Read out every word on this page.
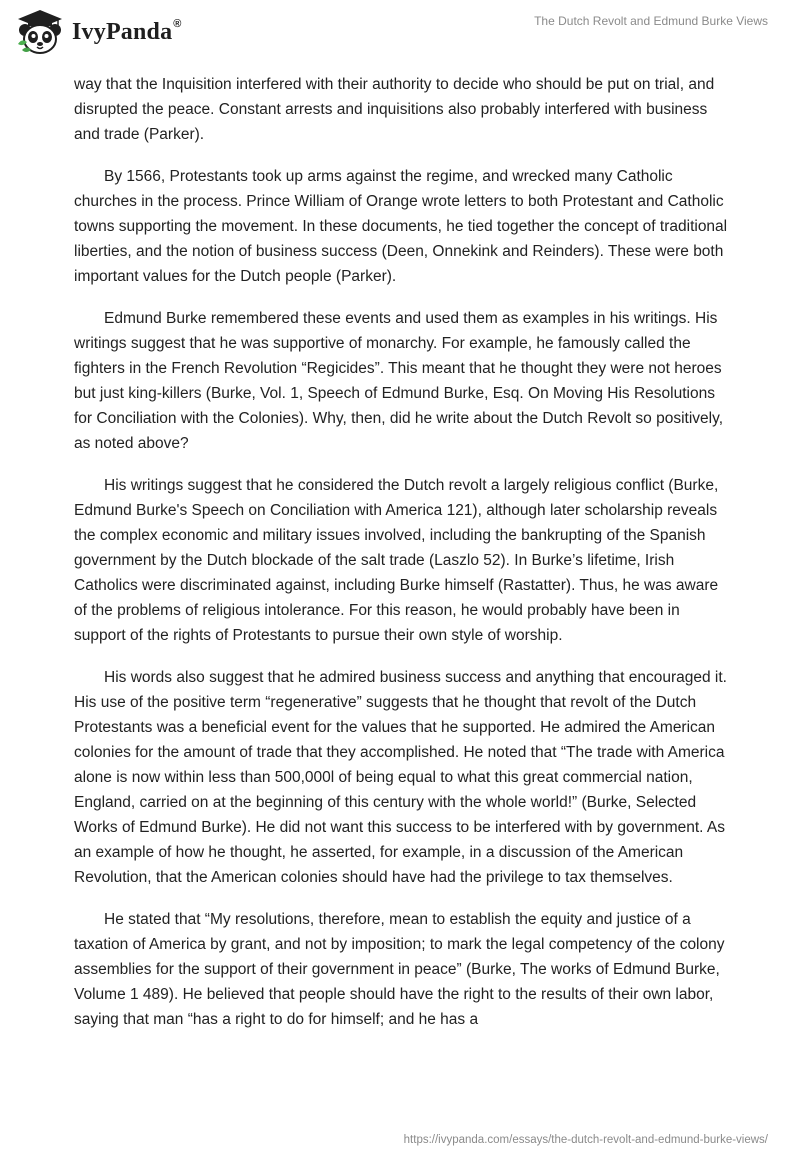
IvyPanda®	The Dutch Revolt and Edmund Burke Views

way that the Inquisition interfered with their authority to decide who should be put on trial, and disrupted the peace. Constant arrests and inquisitions also probably interfered with business and trade (Parker).

By 1566, Protestants took up arms against the regime, and wrecked many Catholic churches in the process. Prince William of Orange wrote letters to both Protestant and Catholic towns supporting the movement. In these documents, he tied together the concept of traditional liberties, and the notion of business success (Deen, Onnekink and Reinders). These were both important values for the Dutch people (Parker).

Edmund Burke remembered these events and used them as examples in his writings. His writings suggest that he was supportive of monarchy. For example, he famously called the fighters in the French Revolution “Regicides”. This meant that he thought they were not heroes but just king-killers (Burke, Vol. 1, Speech of Edmund Burke, Esq. On Moving His Resolutions for Conciliation with the Colonies). Why, then, did he write about the Dutch Revolt so positively, as noted above?

His writings suggest that he considered the Dutch revolt a largely religious conflict (Burke, Edmund Burke's Speech on Conciliation with America 121), although later scholarship reveals the complex economic and military issues involved, including the bankrupting of the Spanish government by the Dutch blockade of the salt trade (Laszlo 52). In Burke’s lifetime, Irish Catholics were discriminated against, including Burke himself (Rastatter). Thus, he was aware of the problems of religious intolerance. For this reason, he would probably have been in support of the rights of Protestants to pursue their own style of worship.

His words also suggest that he admired business success and anything that encouraged it. His use of the positive term “regenerative” suggests that he thought that revolt of the Dutch Protestants was a beneficial event for the values that he supported. He admired the American colonies for the amount of trade that they accomplished. He noted that “The trade with America alone is now within less than 500,000l of being equal to what this great commercial nation, England, carried on at the beginning of this century with the whole world!” (Burke, Selected Works of Edmund Burke). He did not want this success to be interfered with by government. As an example of how he thought, he asserted, for example, in a discussion of the American Revolution, that the American colonies should have had the privilege to tax themselves.

He stated that “My resolutions, therefore, mean to establish the equity and justice of a taxation of America by grant, and not by imposition; to mark the legal competency of the colony assemblies for the support of their government in peace” (Burke, The works of Edmund Burke, Volume 1 489). He believed that people should have the right to the results of their own labor, saying that man “has a right to do for himself; and he has a

https://ivypanda.com/essays/the-dutch-revolt-and-edmund-burke-views/
